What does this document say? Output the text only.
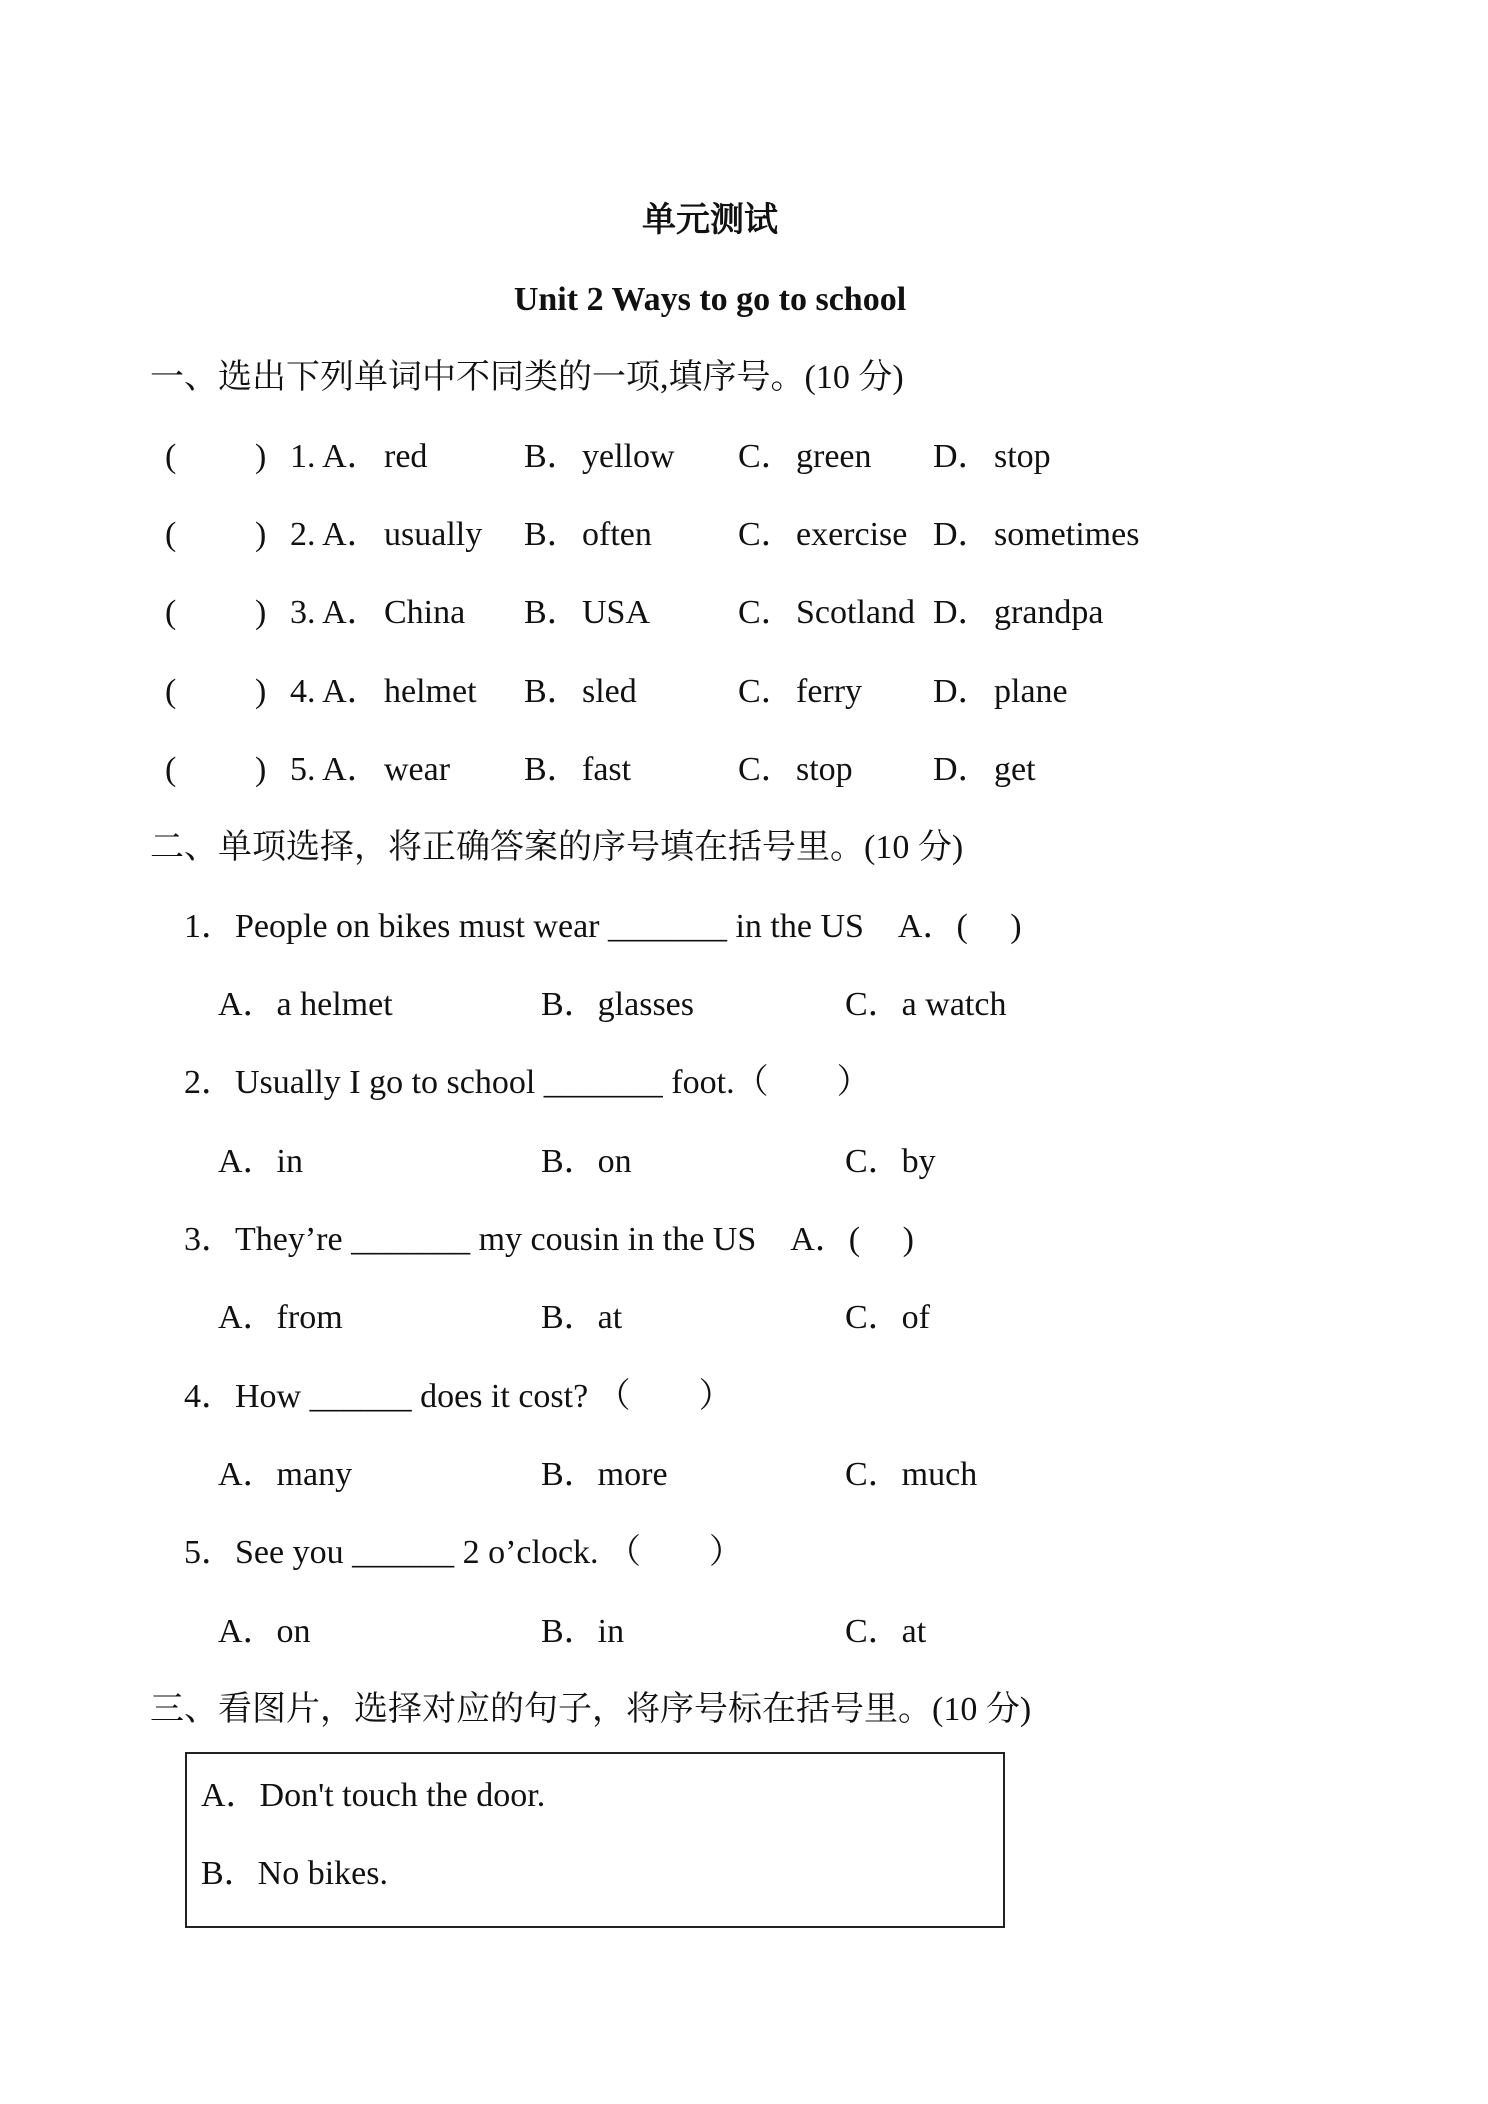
单元测试
Unit 2 Ways to go to school
一、选出下列单词中不同类的一项,填序号。(10 分)
( ) 1. A． red	B． yellow C． green D． stop
( ) 2. A． usually B． often	C． exercise D． sometimes
( ) 3. A． China B． USA	C． Scotland D． grandpa
( ) 4. A． helmet B． sled	C． ferry D． plane
( ) 5. A． wear B． fast	C． stop D． get
二、单项选择，将正确答案的序号填在括号里。(10 分)
1．People on bikes must wear _______ in the US　A．(　 )
A．a helmet	B．glasses	C．a watch
2．Usually I go to school _______ foot.（　　）
A．in	B．on	C．by
3．They’re _______ my cousin in the US　A．(　 )
A．from	B．at	C．of
4．How ______ does it cost? （　　）
A．many	B．more	C．much
5．See you ______ 2 o’clock. （　　）
A．on	B．in	C．at
三、看图片，选择对应的句子，将序号标在括号里。(10 分)
A．Don't touch the door.
B．No bikes.
